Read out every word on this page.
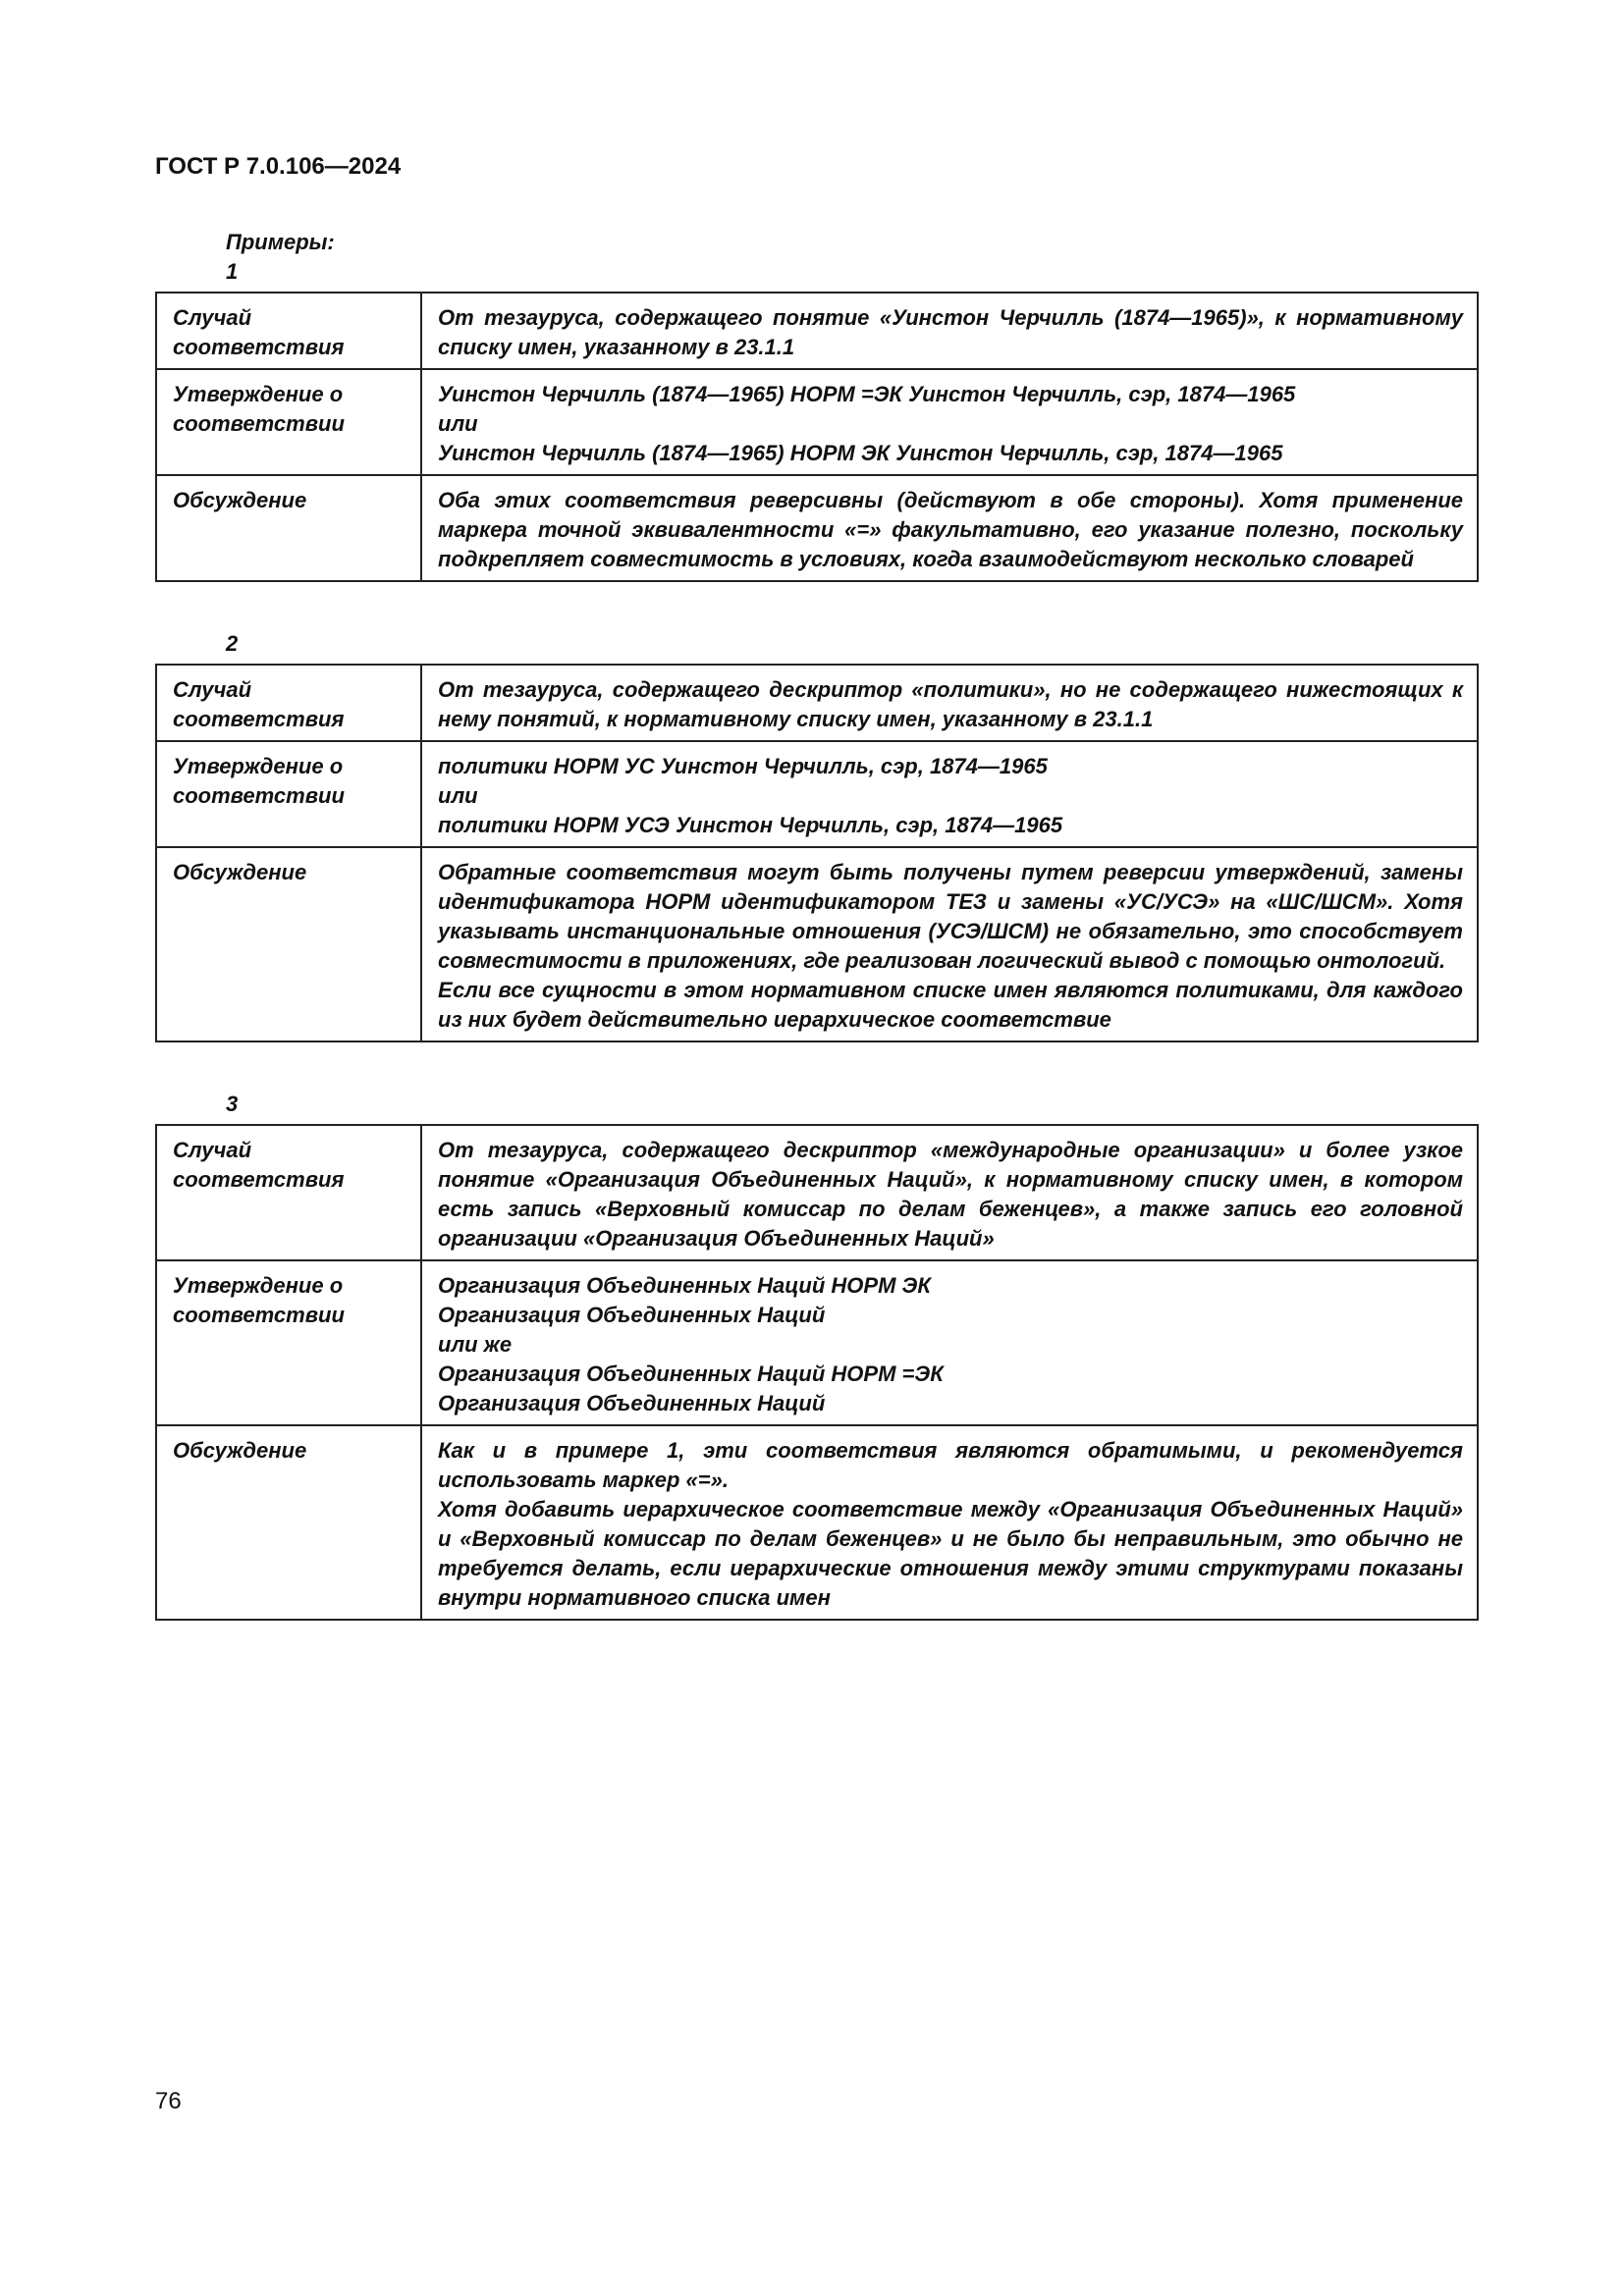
ГОСТ Р 7.0.106—2024
Примеры:
1
Случай соответствия	От тезауруса, содержащего понятие «Уинстон Черчилль (1874—1965)», к нормативному списку имен, указанному в 23.1.1
Утверждение о соответствии	Уинстон Черчилль (1874—1965) НОРМ =ЭК Уинстон Черчилль, сэр, 1874—1965
или
Уинстон Черчилль (1874—1965) НОРМ ЭК Уинстон Черчилль, сэр, 1874—1965

Обсуждение	Оба этих соответствия реверсивны (действуют в обе стороны). Хотя применение маркера точной эквивалентности «=» факультативно, его указание полезно, поскольку подкрепляет совместимость в условиях, когда взаимодействуют несколько словарей
2
Случай соответствия	От тезауруса, содержащего дескриптор «политики», но не содержащего нижестоящих к нему понятий, к нормативному списку имен, указанному в 23.1.1
Утверждение о соответствии	политики НОРМ УС Уинстон Черчилль, сэр, 1874—1965
или
политики НОРМ УСЭ Уинстон Черчилль, сэр, 1874—1965

Обсуждение	Обратные соответствия могут быть получены путем реверсии утверждений, замены идентификатора НОРМ идентификатором ТЕЗ и замены «УС/УСЭ» на «ШС/ШСМ». Хотя указывать инстанциональные отношения (УСЭ/ШСМ) не обязательно, это способствует совместимости в приложениях, где реализован логический вывод с помощью онтологий.
Если все сущности в этом нормативном списке имен являются политиками, для каждого из них будет действительно иерархическое соответствие
3
Случай соответствия	От тезауруса, содержащего дескриптор «международные организации» и более узкое понятие «Организация Объединенных Наций», к нормативному списку имен, в котором есть запись «Верховный комиссар по делам беженцев», а также запись его головной организации «Организация Объединенных Наций»
Утверждение о соответствии	Организация Объединенных Наций НОРМ ЭК
Организация Объединенных Наций
или же
Организация Объединенных Наций НОРМ =ЭК
Организация Объединенных Наций

Обсуждение	Как и в примере 1, эти соответствия являются обратимыми, и рекомендуется использовать маркер «=».
Хотя добавить иерархическое соответствие между «Организация Объединенных Наций» и «Верховный комиссар по делам беженцев» и не было бы неправильным, это обычно не требуется делать, если иерархические отношения между этими структурами показаны внутри нормативного списка имен
76
